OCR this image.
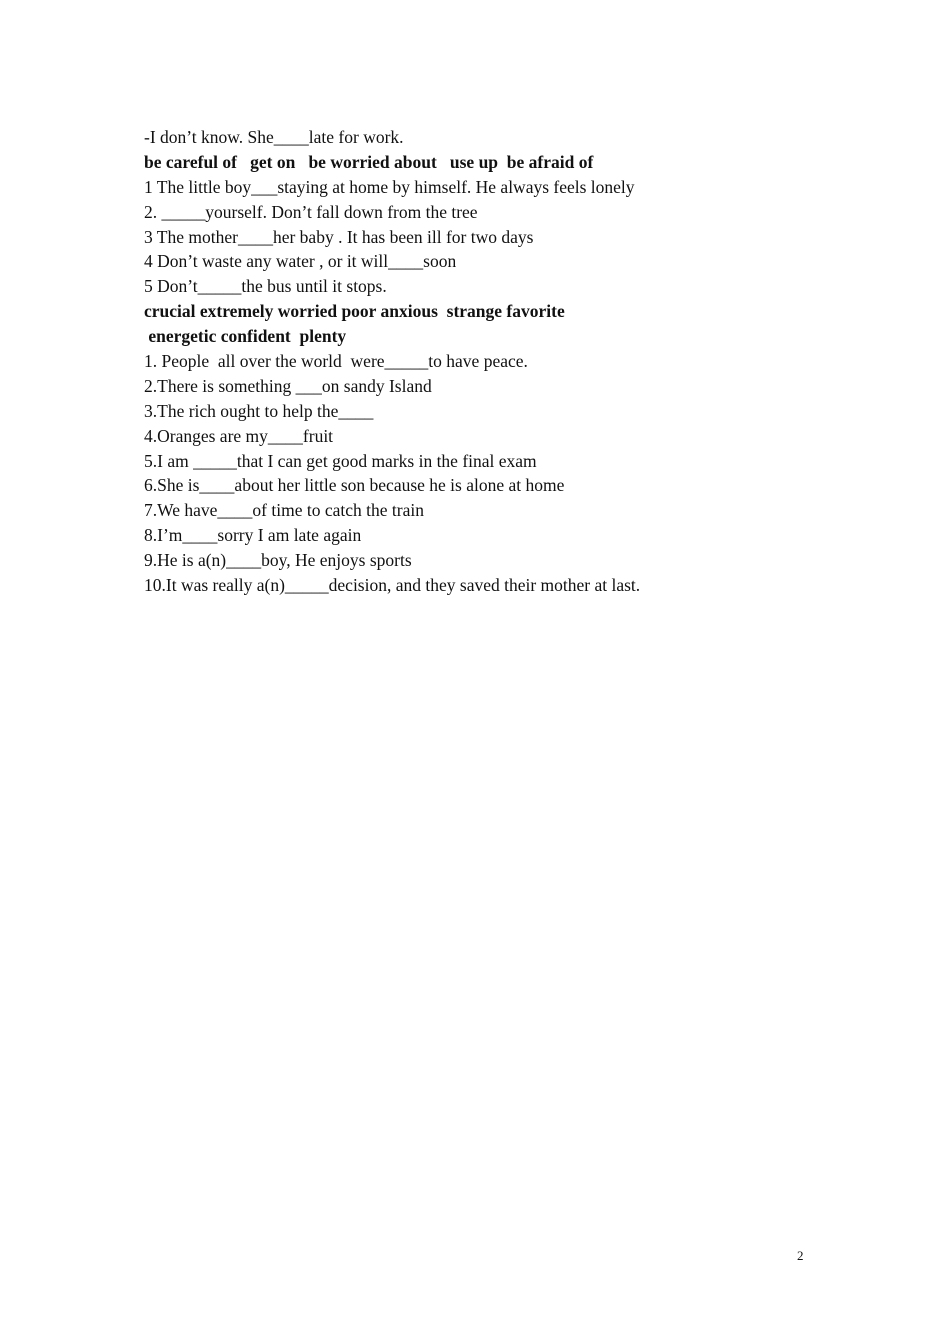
-I don’t know. She____late for work.
be careful of   get on   be worried about   use up  be afraid of
1 The little boy___staying at home by himself. He always feels lonely
2. _____yourself. Don’t fall down from the tree
3 The mother____her baby . It has been ill for two days
4 Don’t waste any water , or it will____soon
5 Don’t_____the bus until it stops.
crucial extremely worried poor anxious  strange favorite
energetic confident  plenty
1. People  all over the world  were_____to have peace.
2.There is something ___on sandy Island
3.The rich ought to help the____
4.Oranges are my____fruit
5.I am _____that I can get good marks in the final exam
6.She is____about her little son because he is alone at home
7.We have____of time to catch the train
8.I’m____sorry I am late again
9.He is a(n)____boy, He enjoys sports
10.It was really a(n)_____decision, and they saved their mother at last.
2
